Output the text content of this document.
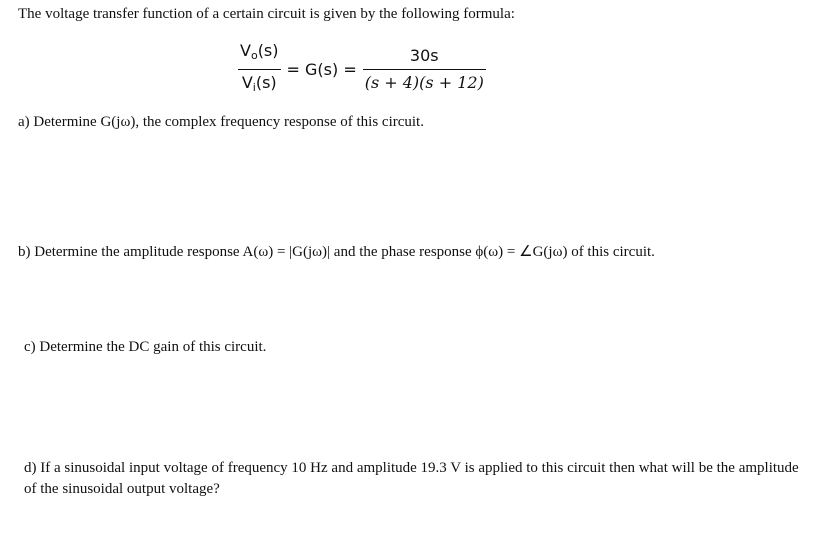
The voltage transfer function of a certain circuit is given by the following formula:
$\frac{V_o(s)}{V_i(s)} = G(s) = \frac{30s}{(s + 4)(s + 12)}$
a) Determine G(jω), the complex frequency response of this circuit.
b) Determine the amplitude response A(ω) = |G(jω)| and the phase response ϕ(ω) = ∠G(jω) of this circuit.
c) Determine the DC gain of this circuit.
d) If a sinusoidal input voltage of frequency 10 Hz and amplitude 19.3 V is applied to this circuit then what will be the amplitude of the sinusoidal output voltage?
